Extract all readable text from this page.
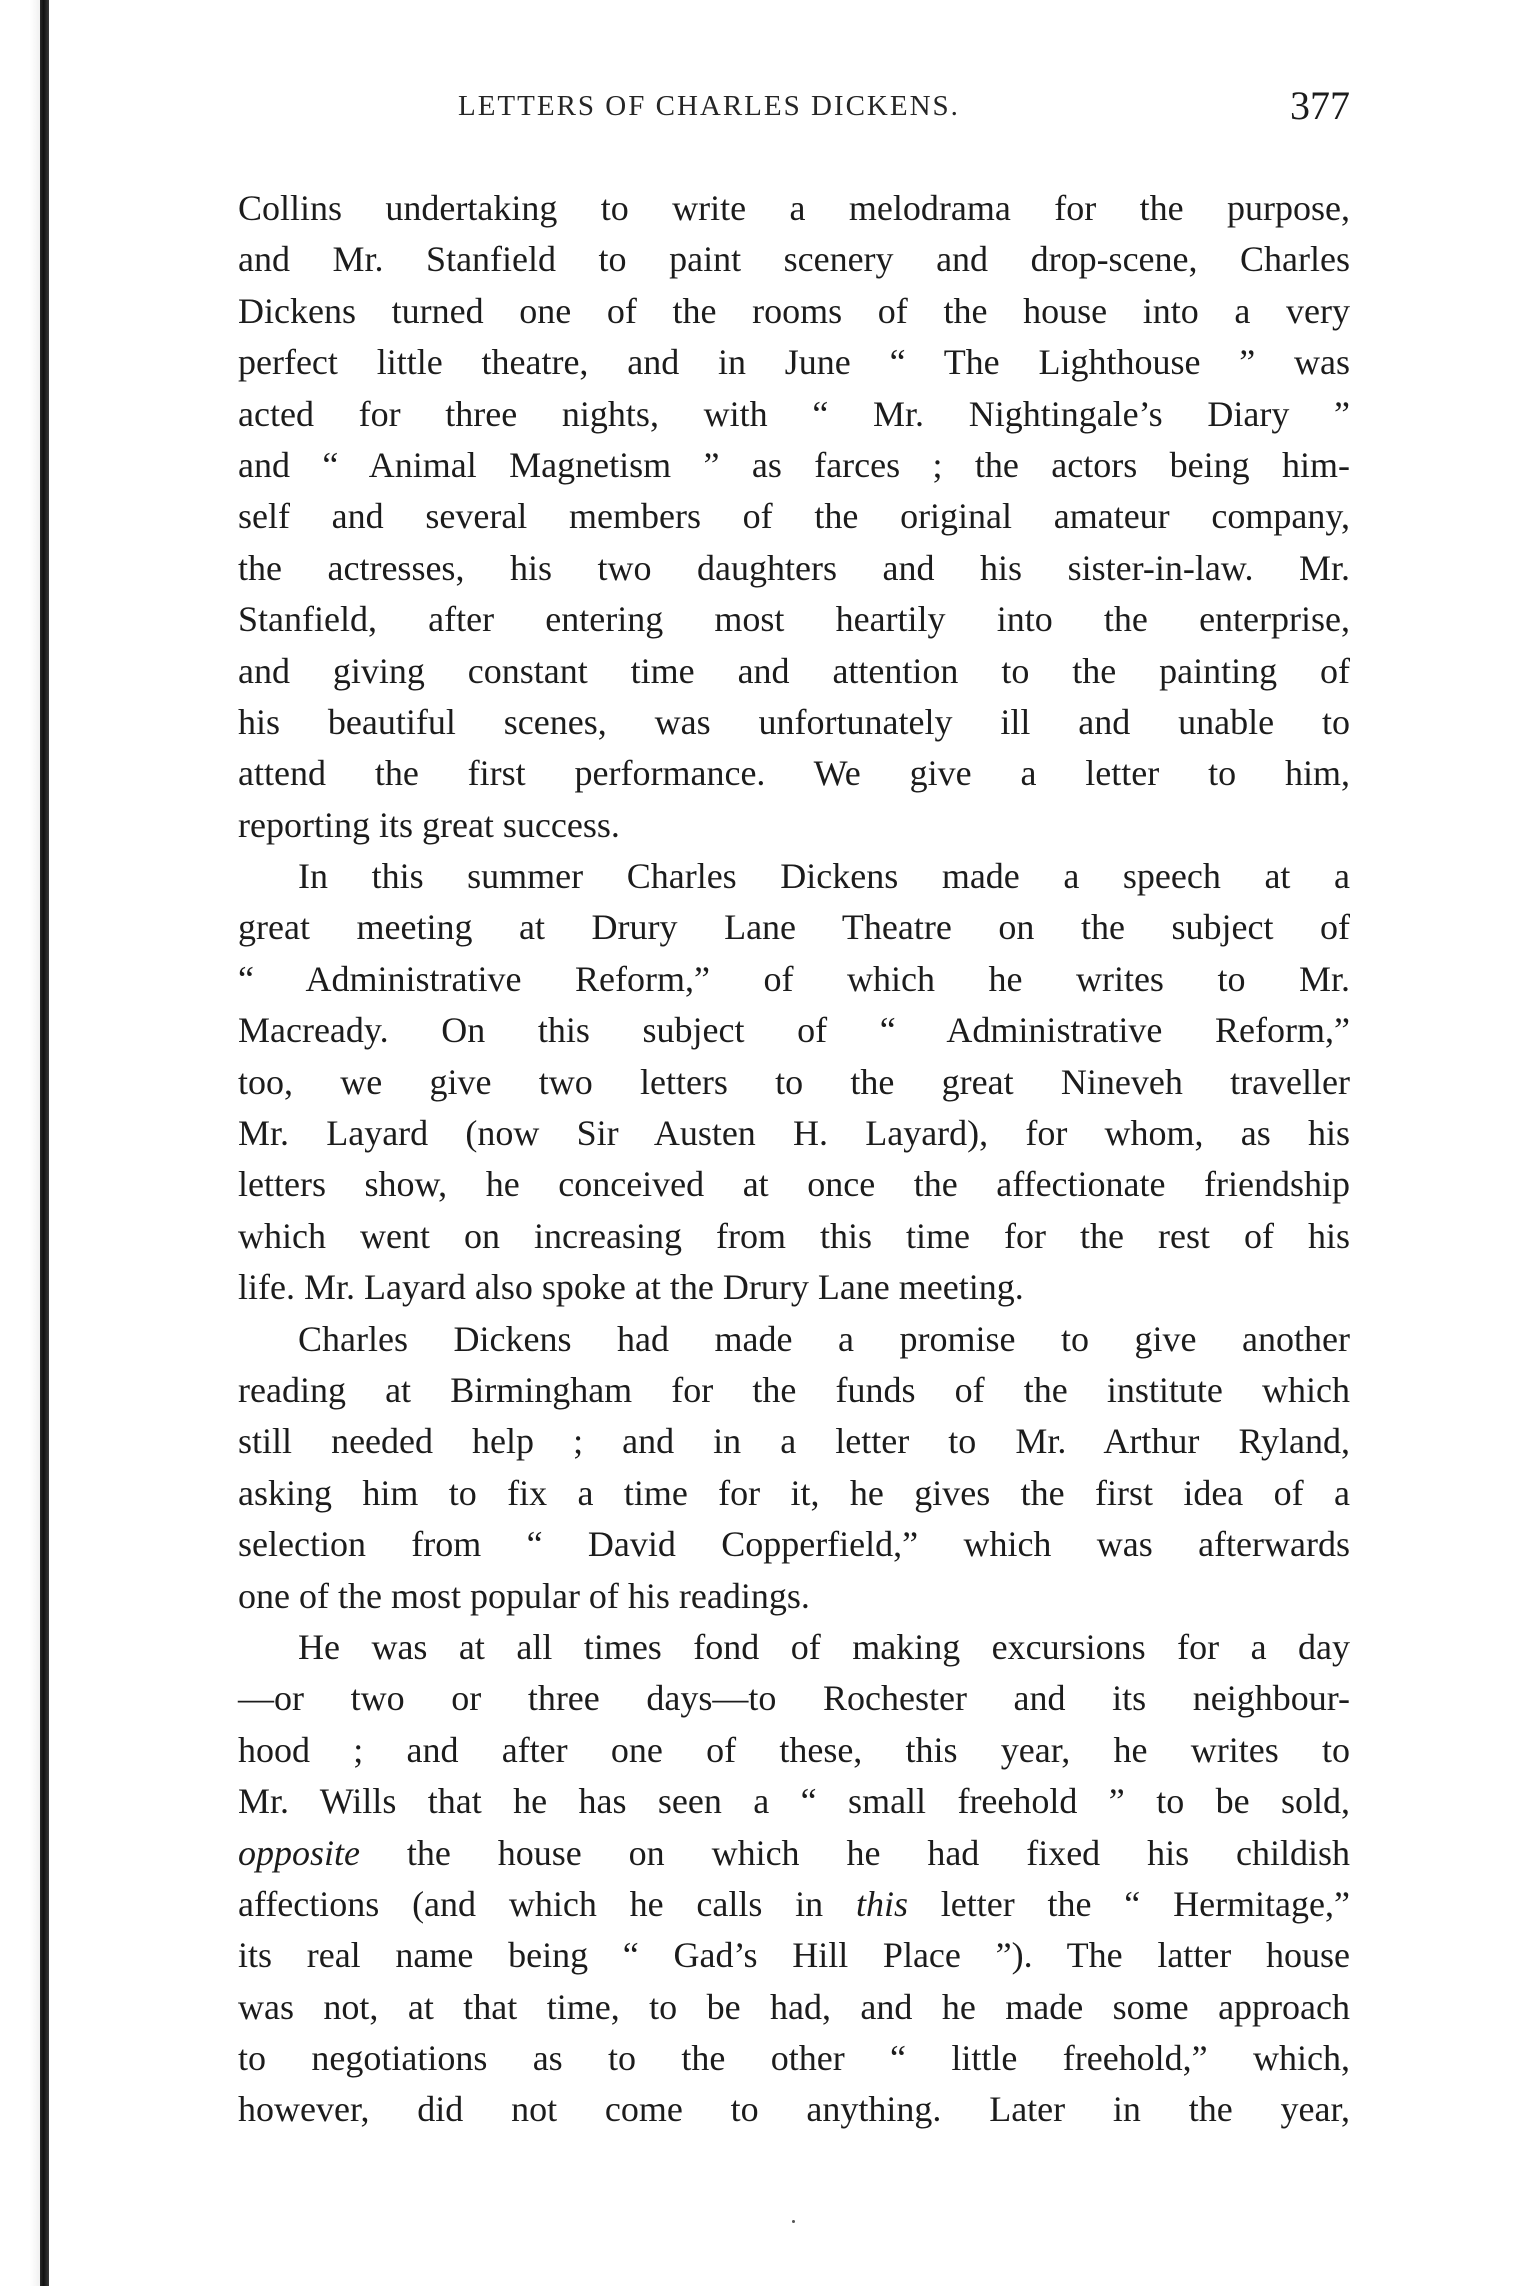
LETTERS OF CHARLES DICKENS.	377
Collins undertaking to write a melodrama for the purpose,
and Mr. Stanfield to paint scenery and drop-scene, Charles
Dickens turned one of the rooms of the house into a very
perfect little theatre, and in June “ The Lighthouse ” was
acted for three nights, with “ Mr. Nightingale’s Diary ”
and “ Animal Magnetism ” as farces ; the actors being him-
self and several members of the original amateur company,
the actresses, his two daughters and his sister-in-law. Mr.
Stanfield, after entering most heartily into the enterprise,
and giving constant time and attention to the painting of
his beautiful scenes, was unfortunately ill and unable to
attend the first performance. We give a letter to him,
reporting its great success.
In this summer Charles Dickens made a speech at a
great meeting at Drury Lane Theatre on the subject of
“ Administrative Reform,” of which he writes to Mr.
Macready. On this subject of “ Administrative Reform,”
too, we give two letters to the great Nineveh traveller
Mr. Layard (now Sir Austen H. Layard), for whom, as his
letters show, he conceived at once the affectionate friendship
which went on increasing from this time for the rest of his
life. Mr. Layard also spoke at the Drury Lane meeting.
Charles Dickens had made a promise to give another
reading at Birmingham for the funds of the institute which
still needed help ; and in a letter to Mr. Arthur Ryland,
asking him to fix a time for it, he gives the first idea of a
selection from “ David Copperfield,” which was afterwards
one of the most popular of his readings.
He was at all times fond of making excursions for a day
—or two or three days—to Rochester and its neighbour-
hood ; and after one of these, this year, he writes to
Mr. Wills that he has seen a “ small freehold ” to be sold,
opposite the house on which he had fixed his childish
affections (and which he calls in this letter the “ Hermitage,”
its real name being “ Gad’s Hill Place ”). The latter house
was not, at that time, to be had, and he made some approach
to negotiations as to the other “ little freehold,” which,
however, did not come to anything. Later in the year,
